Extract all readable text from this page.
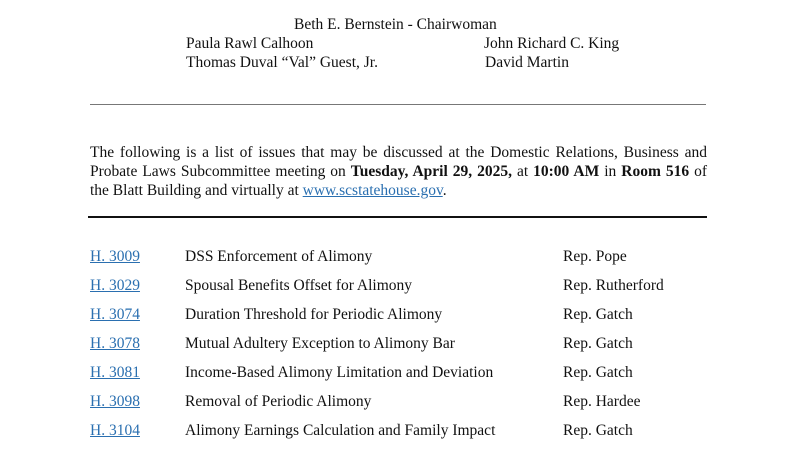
Beth E. Bernstein - Chairwoman
Paula Rawl Calhoon
Thomas Duval “Val” Guest, Jr.
John Richard C. King
David Martin
The following is a list of issues that may be discussed at the Domestic Relations, Business and Probate Laws Subcommittee meeting on Tuesday, April 29, 2025, at 10:00 AM in Room 516 of the Blatt Building and virtually at www.scstatehouse.gov.
H. 3009	DSS Enforcement of Alimony	Rep. Pope
H. 3029	Spousal Benefits Offset for Alimony	Rep. Rutherford
H. 3074	Duration Threshold for Periodic Alimony	Rep. Gatch
H. 3078	Mutual Adultery Exception to Alimony Bar	Rep. Gatch
H. 3081	Income-Based Alimony Limitation and Deviation	Rep. Gatch
H. 3098	Removal of Periodic Alimony	Rep. Hardee
H. 3104	Alimony Earnings Calculation and Family Impact	Rep. Gatch
